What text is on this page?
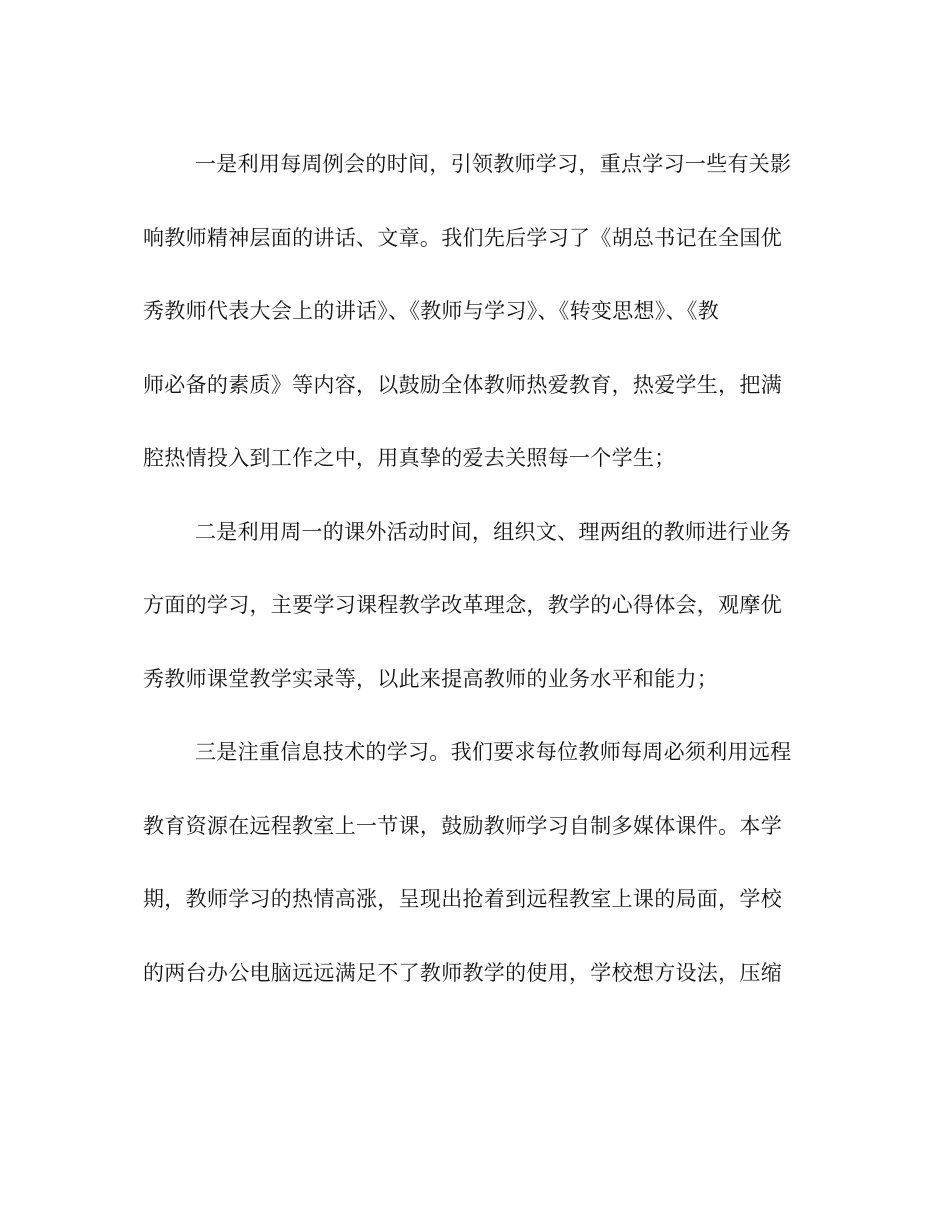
一是利用每周例会的时间，引领教师学习，重点学习一些有关影
响教师精神层面的讲话、文章。我们先后学习了《胡总书记在全国优
秀教师代表大会上的讲话》、《教师与学习》、《转变思想》、《教
师必备的素质》等内容，以鼓励全体教师热爱教育，热爱学生，把满
腔热情投入到工作之中，用真挚的爱去关照每一个学生；

二是利用周一的课外活动时间，组织文、理两组的教师进行业务
方面的学习，主要学习课程教学改革理念，教学的心得体会，观摩优
秀教师课堂教学实录等，以此来提高教师的业务水平和能力；

三是注重信息技术的学习。我们要求每位教师每周必须利用远程
教育资源在远程教室上一节课，鼓励教师学习自制多媒体课件。本学
期，教师学习的热情高涨，呈现出抢着到远程教室上课的局面，学校
的两台办公电脑远远满足不了教师教学的使用，学校想方设法，压缩
